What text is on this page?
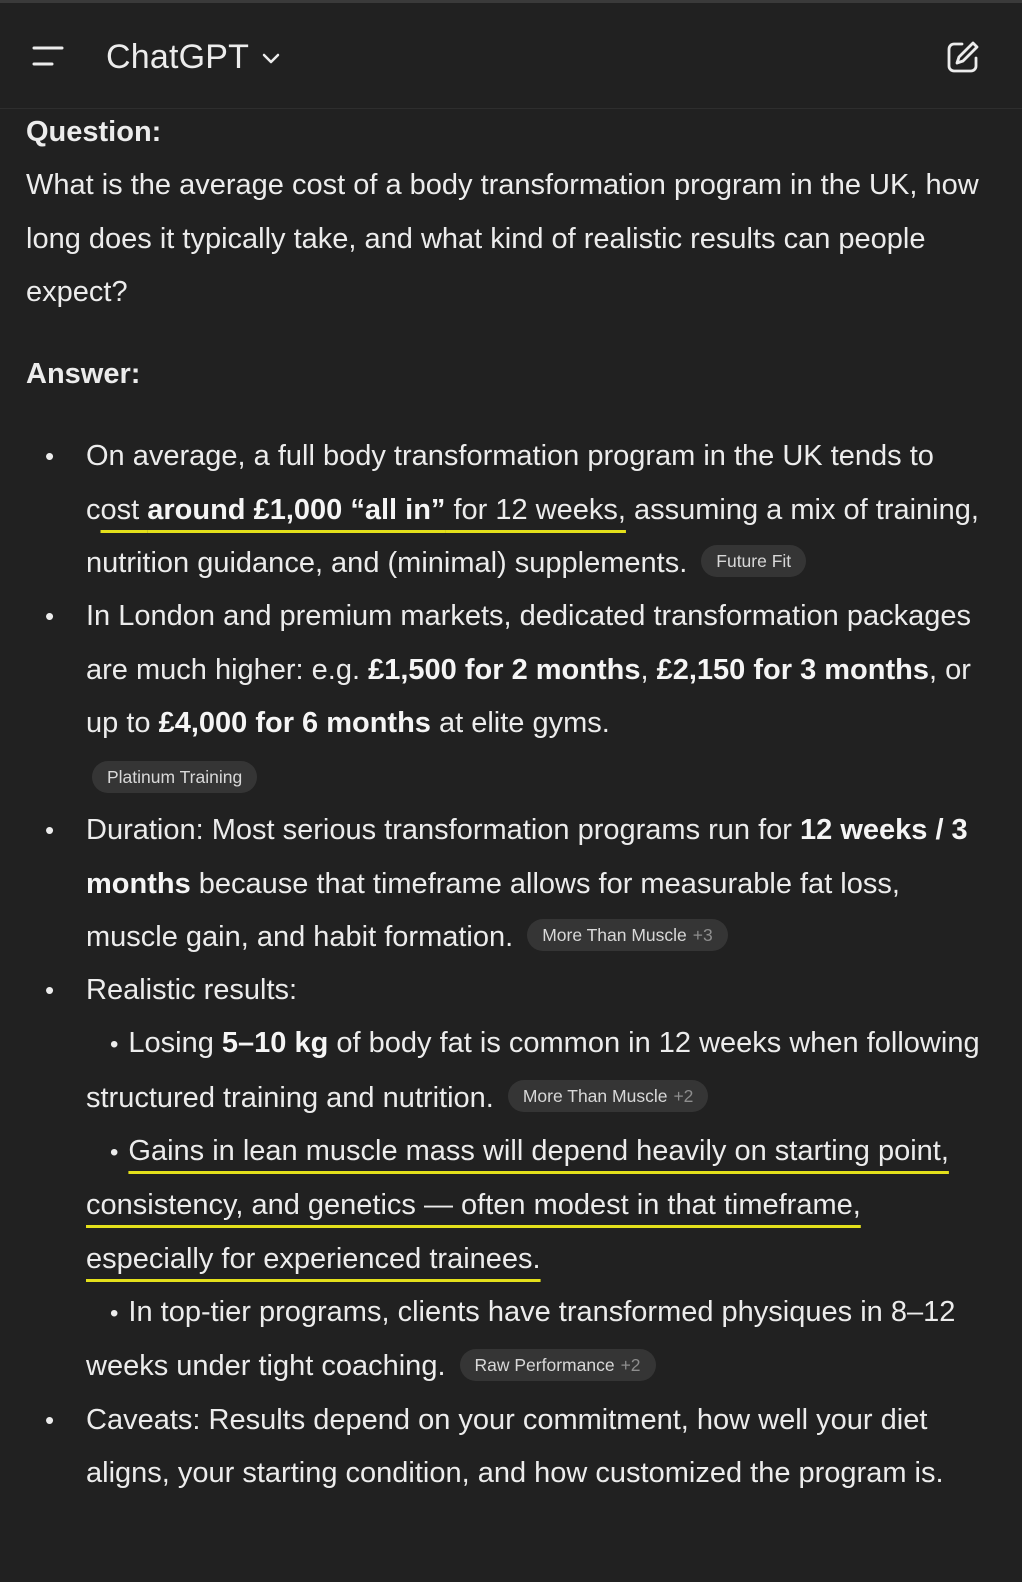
ChatGPT
Question:

What is the average cost of a body transformation program in the UK, how long does it typically take, and what kind of realistic results can people expect?

Answer:
• On average, a full body transformation program in the UK tends to cost around £1,000 “all in” for 12 weeks, assuming a mix of training, nutrition guidance, and (minimal) supplements. Future Fit
• In London and premium markets, dedicated transformation packages are much higher: e.g. £1,500 for 2 months, £2,150 for 3 months, or up to £4,000 for 6 months at elite gyms.
Platinum Training
• Duration: Most serious transformation programs run for 12 weeks / 3 months because that timeframe allows for measurable fat loss, muscle gain, and habit formation. More Than Muscle +3
• Realistic results:
• Losing 5–10 kg of body fat is common in 12 weeks when following structured training and nutrition. More Than Muscle +2
• Gains in lean muscle mass will depend heavily on starting point, consistency, and genetics — often modest in that timeframe, especially for experienced trainees.
• In top-tier programs, clients have transformed physiques in 8–12 weeks under tight coaching. Raw Performance +2
• Caveats: Results depend on your commitment, how well your diet aligns, your starting condition, and how customized the program is.
